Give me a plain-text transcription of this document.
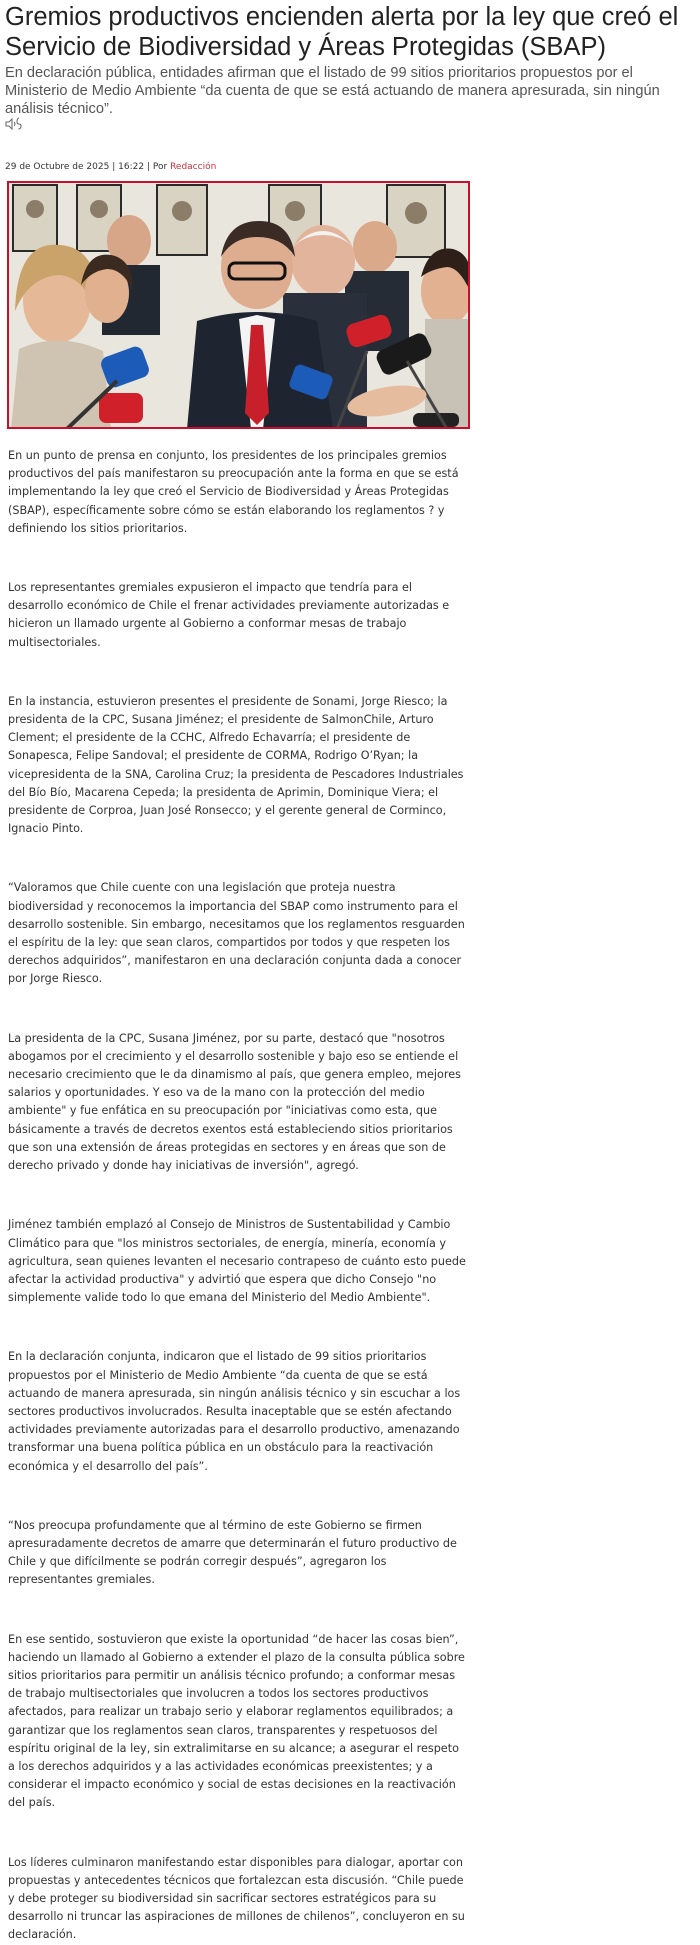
Gremios productivos encienden alerta por la ley que creó el Servicio de Biodiversidad y Áreas Protegidas (SBAP)
En declaración pública, entidades afirman que el listado de 99 sitios prioritarios propuestos por el Ministerio de Medio Ambiente “da cuenta de que se está actuando de manera apresurada, sin ningún análisis técnico”.

29 de Octubre de 2025 | 16:22 | Por Redacción

En un punto de prensa en conjunto, los presidentes de los principales gremios productivos del país manifestaron su preocupación ante la forma en que se está implementando la ley que creó el Servicio de Biodiversidad y Áreas Protegidas (SBAP), específicamente sobre cómo se están elaborando los reglamentos ? y definiendo los sitios prioritarios.

Los representantes gremiales expusieron el impacto que tendría para el desarrollo económico de Chile el frenar actividades previamente autorizadas e hicieron un llamado urgente al Gobierno a conformar mesas de trabajo multisectoriales.

En la instancia, estuvieron presentes el presidente de Sonami, Jorge Riesco; la presidenta de la CPC, Susana Jiménez; el presidente de SalmonChile, Arturo Clement; el presidente de la CCHC, Alfredo Echavarría; el presidente de Sonapesca, Felipe Sandoval; el presidente de CORMA, Rodrigo O’Ryan; la vicepresidenta de la SNA, Carolina Cruz; la presidenta de Pescadores Industriales del Bío Bío, Macarena Cepeda; la presidenta de Aprimin, Dominique Viera; el presidente de Corproa, Juan José Ronsecco; y el gerente general de Corminco, Ignacio Pinto.

“Valoramos que Chile cuente con una legislación que proteja nuestra biodiversidad y reconocemos la importancia del SBAP como instrumento para el desarrollo sostenible. Sin embargo, necesitamos que los reglamentos resguarden el espíritu de la ley: que sean claros, compartidos por todos y que respeten los derechos adquiridos”, manifestaron en una declaración conjunta dada a conocer por Jorge Riesco.

La presidenta de la CPC, Susana Jiménez, por su parte, destacó que "nosotros abogamos por el crecimiento y el desarrollo sostenible y bajo eso se entiende el necesario crecimiento que le da dinamismo al país, que genera empleo, mejores salarios y oportunidades. Y eso va de la mano con la protección del medio ambiente" y fue enfática en su preocupación por "iniciativas como esta, que básicamente a través de decretos exentos está estableciendo sitios prioritarios que son una extensión de áreas protegidas en sectores y en áreas que son de derecho privado y donde hay iniciativas de inversión", agregó.

Jiménez también emplazó al Consejo de Ministros de Sustentabilidad y Cambio Climático para que "los ministros sectoriales, de energía, minería, economía y agricultura, sean quienes levanten el necesario contrapeso de cuánto esto puede afectar la actividad productiva" y advirtió que espera que dicho Consejo "no simplemente valide todo lo que emana del Ministerio del Medio Ambiente".

En la declaración conjunta, indicaron que el listado de 99 sitios prioritarios propuestos por el Ministerio de Medio Ambiente “da cuenta de que se está actuando de manera apresurada, sin ningún análisis técnico y sin escuchar a los sectores productivos involucrados. Resulta inaceptable que se estén afectando actividades previamente autorizadas para el desarrollo productivo, amenazando transformar una buena política pública en un obstáculo para la reactivación económica y el desarrollo del país”.

“Nos preocupa profundamente que al término de este Gobierno se firmen apresuradamente decretos de amarre que determinarán el futuro productivo de Chile y que difícilmente se podrán corregir después”, agregaron los representantes gremiales.

En ese sentido, sostuvieron que existe la oportunidad “de hacer las cosas bien”, haciendo un llamado al Gobierno a extender el plazo de la consulta pública sobre sitios prioritarios para permitir un análisis técnico profundo; a conformar mesas de trabajo multisectoriales que involucren a todos los sectores productivos afectados, para realizar un trabajo serio y elaborar reglamentos equilibrados; a garantizar que los reglamentos sean claros, transparentes y respetuosos del espíritu original de la ley, sin extralimitarse en su alcance; a asegurar el respeto a los derechos adquiridos y a las actividades económicas preexistentes; y a considerar el impacto económico y social de estas decisiones en la reactivación del país.

Los líderes culminaron manifestando estar disponibles para dialogar, aportar con propuestas y antecedentes técnicos que fortalezcan esta discusión. “Chile puede y debe proteger su biodiversidad sin sacrificar sectores estratégicos para su desarrollo ni truncar las aspiraciones de millones de chilenos”, concluyeron en su declaración.
